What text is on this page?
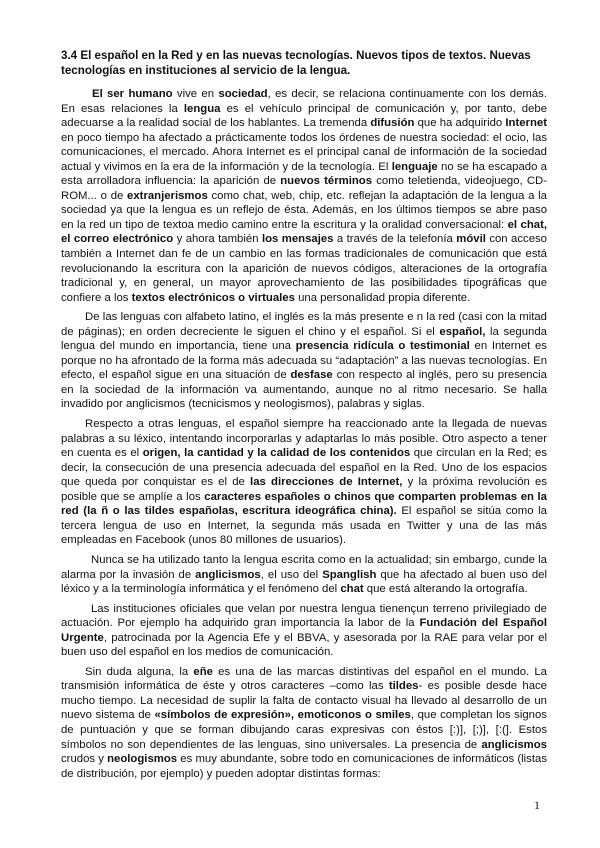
3.4 El español en la Red y en las nuevas tecnologías. Nuevos tipos de textos. Nuevas tecnologías en instituciones al servicio de la lengua.

El ser humano vive en sociedad, es decir, se relaciona continuamente con los demás. En esas relaciones la lengua es el vehículo principal de comunicación y, por tanto, debe adecuarse a la realidad social de los hablantes. La tremenda difusión que ha adquirido Internet en poco tiempo ha afectado a prácticamente todos los órdenes de nuestra sociedad: el ocio, las comunicaciones, el mercado. Ahora Internet es el principal canal de información de la sociedad actual y vivimos en la era de la información y de la tecnología. El lenguaje no se ha escapado a esta arrolladora influencia: la aparición de nuevos términos como teletienda, videojuego, CD-ROM... o de extranjerismos como chat, web, chip, etc. reflejan la adaptación de la lengua a la sociedad ya que la lengua es un reflejo de ésta. Además, en los últimos tiempos se abre paso en la red un tipo de textoa medio camino entre la escritura y la oralidad conversacional: el chat, el correo electrónico y ahora también los mensajes a través de la telefonía móvil con acceso también a Internet dan fe de un cambio en las formas tradicionales de comunicación que está revolucionando la escritura con la aparición de nuevos códigos, alteraciones de la ortografía tradicional y, en general, un mayor aprovechamiento de las posibilidades tipográficas que confiere a los textos electrónicos o virtuales una personalidad propia diferente.

De las lenguas con alfabeto latino, el inglés es la más presente e n la red (casi con la mitad de páginas); en orden decreciente le siguen el chino y el español. Si el español, la segunda lengua del mundo en importancia, tiene una presencia ridícula o testimonial en Internet es porque no ha afrontado de la forma más adecuada su “adaptación” a las nuevas tecnologías. En efecto, el español sigue en una situación de desfase con respecto al inglés, pero su presencia en la sociedad de la información va aumentando, aunque no al ritmo necesario. Se halla invadido por anglicismos (tecnicismos y neologismos), palabras y siglas.

Respecto a otras lenguas, el español siempre ha reaccionado ante la llegada de nuevas palabras a su léxico, intentando incorporarlas y adaptarlas lo más posible. Otro aspecto a tener en cuenta es el origen, la cantidad y la calidad de los contenidos que circulan en la Red; es decir, la consecución de una presencia adecuada del español en la Red. Uno de los espacios que queda por conquistar es el de las direcciones de Internet, y la próxima revolución es posible que se amplíe a los caracteres españoles o chinos que comparten problemas en la red (la ñ o las tildes españolas, escritura ideográfica china). El español se sitúa como la tercera lengua de uso en Internet, la segunda más usada en Twitter y una de las más empleadas en Facebook (unos 80 millones de usuarios).

Nunca se ha utilizado tanto la lengua escrita como en la actualidad; sin embargo, cunde la alarma por la invasión de anglicismos, el uso del Spanglish que ha afectado al buen uso del léxico y a la terminología informática y el fenómeno del chat que está alterando la ortografía.

Las instituciones oficiales que velan por nuestra lengua tienençun terreno privilegiado de actuación. Por ejemplo ha adquirido gran importancia la labor de la Fundación del Español Urgente, patrocinada por la Agencia Efe y el BBVA, y asesorada por la RAE para velar por el buen uso del español en los medios de comunicación.

Sin duda alguna, la eñe es una de las marcas distintivas del español en el mundo. La transmisión informática de éste y otros caracteres –como las tildes- es posible desde hace mucho tiempo. La necesidad de suplir la falta de contacto visual ha llevado al desarrollo de un nuevo sistema de «símbolos de expresión», emoticonos o smiles, que completan los signos de puntuación y que se forman dibujando caras expresivas con éstos [:)], [;)], [:(]. Estos símbolos no son dependientes de las lenguas, sino universales. La presencia de anglicismos crudos y neologismos es muy abundante, sobre todo en comunicaciones de informáticos (listas de distribución, por ejemplo) y pueden adoptar distintas formas:

1
